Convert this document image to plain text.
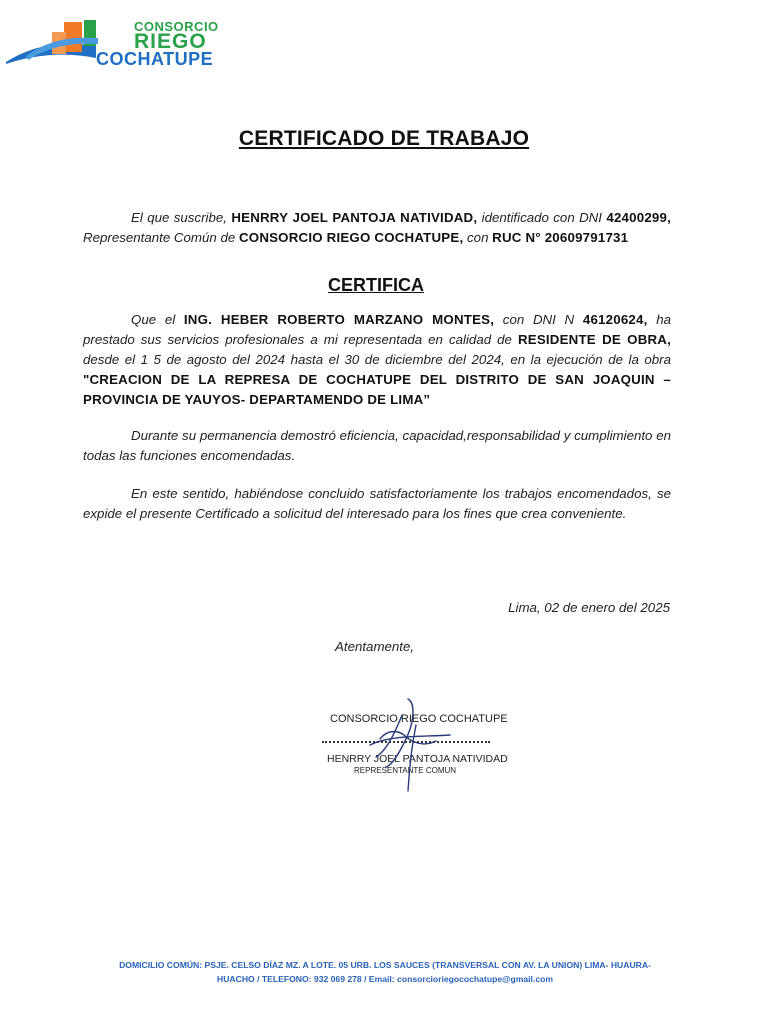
CONSORCIO
RIEGO
COCHATUPE
CERTIFICADO DE TRABAJO
El que suscribe, HENRRY JOEL PANTOJA NATIVIDAD, identificado con DNI 42400299, Representante Común de CONSORCIO RIEGO COCHATUPE, con RUC N° 20609791731
CERTIFICA
Que el ING. HEBER ROBERTO MARZANO MONTES, con DNI N 46120624, ha prestado sus servicios profesionales a mi representada en calidad de RESIDENTE DE OBRA, desde el 1 5 de agosto del 2024 hasta el 30 de diciembre del 2024, en la ejecución de la obra "CREACION DE LA REPRESA DE COCHATUPE DEL DISTRITO DE SAN JOAQUIN – PROVINCIA DE YAUYOS- DEPARTAMENDO DE LIMA”
Durante su permanencia demostró eficiencia, capacidad,responsabilidad y cumplimiento en todas las funciones encomendadas.
En este sentido, habiéndose concluido satisfactoriamente los trabajos encomendados, se expide el presente Certificado a solicitud del interesado para los fines que crea conveniente.
Lima, 02 de enero del 2025
Atentamente,
CONSORCIO RIEGO COCHATUPE
HENRRY JOEL PANTOJA NATIVIDAD
REPRESENTANTE COMUN
DOMICILIO COMÚN: PSJE. CELSO DÍAZ MZ. A LOTE. 05 URB. LOS SAUCES (TRANSVERSAL CON AV. LA UNION) LIMA- HUAURA-
HUACHO / TELEFONO: 932 069 278 / Email: consorcioriegocochatupe@gmail.com
